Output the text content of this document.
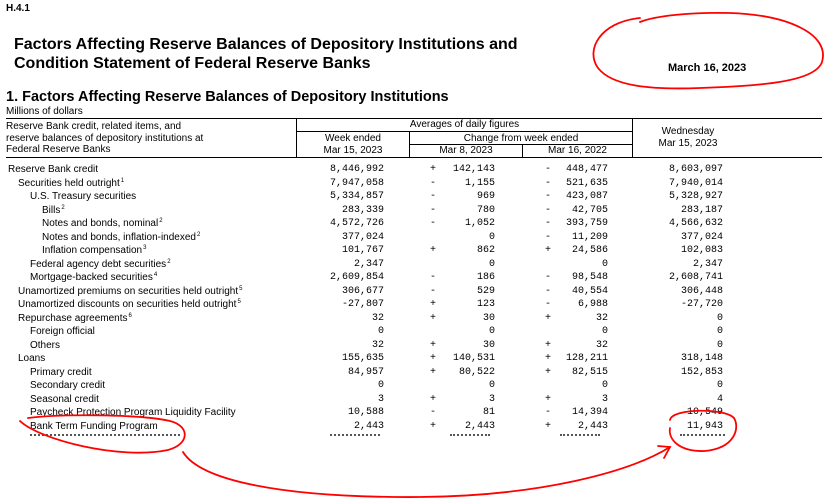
H.4.1
Factors Affecting Reserve Balances of Depository Institutions and
Condition Statement of Federal Reserve Banks	March 16, 2023
1. Factors Affecting Reserve Balances of Depository Institutions
Millions of dollars
Reserve Bank credit, related items, and
reserve balances of depository institutions at
Federal Reserve Banks
Averages of daily figures
Week ended
Mar 15, 2023
Change from week ended
Mar 8, 2023	Mar 16, 2022
Wednesday
Mar 15, 2023
Reserve Bank credit	8,446,992	+	142,143	-	448,477	8,603,097
Securities held outright$^1$	7,947,058	-	1,155	-	521,635	7,940,014
U.S. Treasury securities	5,334,857	-	969	-	423,087	5,328,927
Bills$^2$	283,339	-	780	-	42,705	283,187
Notes and bonds, nominal$^2$	4,572,726	-	1,052	-	393,759	4,566,632
Notes and bonds, inflation-indexed$^2$	377,024	0	-	11,209	377,024
Inflation compensation$^3$	101,767	+	862	+	24,586	102,083
Federal agency debt securities$^2$	2,347	0	0	2,347
Mortgage-backed securities$^4$	2,609,854	-	186	-	98,548	2,608,741
Unamortized premiums on securities held outright$^5$	306,677	-	529	-	40,554	306,448
Unamortized discounts on securities held outright$^5$	-27,807	+	123	-	6,988	-27,720
Repurchase agreements$^6$	32	+	30	+	32	0
Foreign official	0	0	0	0
Others	32	+	30	+	32	0
Loans	155,635	+	140,531	+	128,211	318,148
Primary credit	84,957	+	80,522	+	82,515	152,853
Secondary credit	0	0	0	0
Seasonal credit	3	+	3	+	3	4
Paycheck Protection Program Liquidity Facility	10,588	-	81	-	14,394	10,549
Bank Term Funding Program	2,443	+	2,443	+	2,443	11,943
